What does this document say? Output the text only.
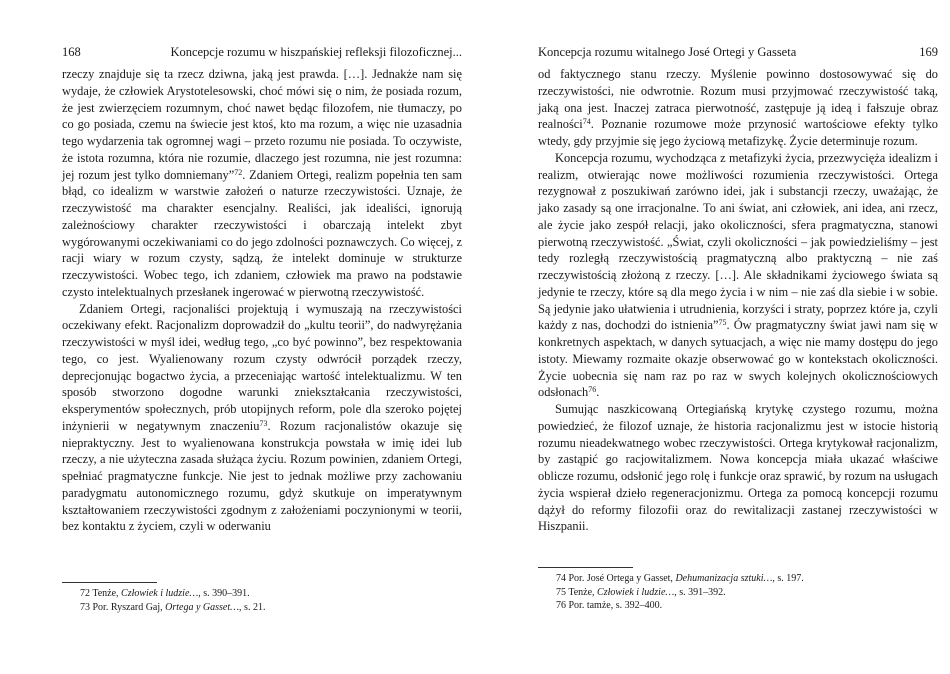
168	Koncepcje rozumu w hiszpańskiej refleksji filozoficznej...

rzeczy znajduje się ta rzecz dziwna, jaką jest prawda. […]. Jednakże nam się wydaje, że człowiek Arystotelesowski, choć mówi się o nim, że posiada rozum, że jest zwierzęciem rozumnym, choć nawet będąc filozofem, nie tłumaczy, po co go posiada, czemu na świecie jest ktoś, kto ma rozum, a więc nie uzasadnia tego wydarzenia tak ogromnej wagi – przeto rozumu nie posiada. To oczywiste, że istota rozumna, która nie rozumie, dlaczego jest rozumna, nie jest rozumna: jej rozum jest tylko domniemany”$^{72}$. Zdaniem Ortegi, realizm popełnia ten sam błąd, co idealizm w warstwie założeń o naturze rzeczywistości. Uznaje, że rzeczywistość ma charakter esencjalny. Realiści, jak idealiści, ignorują zależnościowy charakter rzeczywistości i obarczają intelekt zbyt wygórowanymi oczekiwaniami co do jego zdolności poznawczych. Co więcej, z racji wiary w rozum czysty, sądzą, że intelekt dominuje w strukturze rzeczywistości. Wobec tego, ich zdaniem, człowiek ma prawo na podstawie czysto intelektualnych przesłanek ingerować w pierwotną rzeczywistość.

Zdaniem Ortegi, racjonaliści projektują i wymuszają na rzeczywistości oczekiwany efekt. Racjonalizm doprowadził do „kultu teorii”, do nadwyrężania rzeczywistości w myśl idei, według tego, „co być powinno”, bez respektowania tego, co jest. Wyalienowany rozum czysty odwrócił porządek rzeczy, deprecjonując bogactwo życia, a przeceniając wartość intelektualizmu. W ten sposób stworzono dogodne warunki zniekształcania rzeczywistości, eksperymentów społecznych, prób utopijnych reform, pole dla szeroko pojętej inżynierii w negatywnym znaczeniu$^{73}$. Rozum racjonalistów okazuje się niepraktyczny. Jest to wyalienowana konstrukcja powstała w imię idei lub rzeczy, a nie użyteczna zasada służąca życiu. Rozum powinien, zdaniem Ortegi, spełniać pragmatyczne funkcje. Nie jest to jednak możliwe przy zachowaniu paradygmatu autonomicznego rozumu, gdyż skutkuje on imperatywnym kształtowaniem rzeczywistości zgodnym z założeniami poczynionymi w teorii, bez kontaktu z życiem, czyli w oderwaniu

72 Tenże, Człowiek i ludzie…, s. 390–391.
73 Por. Ryszard Gaj, Ortega y Gasset…, s. 21.
Koncepcja rozumu witalnego José Ortegi y Gasseta	169

od faktycznego stanu rzeczy. Myślenie powinno dostosowywać się do rzeczywistości, nie odwrotnie. Rozum musi przyjmować rzeczywistość taką, jaką ona jest. Inaczej zatraca pierwotność, zastępuje ją ideą i fałszuje obraz realności$^{74}$. Poznanie rozumowe może przynosić wartościowe efekty tylko wtedy, gdy przyjmie się jego życiową metafizykę. Życie determinuje rozum.

Koncepcja rozumu, wychodząca z metafizyki życia, przezwycięża idealizm i realizm, otwierając nowe możliwości rozumienia rzeczywistości. Ortega rezygnował z poszukiwań zarówno idei, jak i substancji rzeczy, uważając, że jako zasady są one irracjonalne. To ani świat, ani człowiek, ani idea, ani rzecz, ale życie jako zespół relacji, jako okoliczności, sfera pragmatyczna, stanowi pierwotną rzeczywistość. „Świat, czyli okoliczności – jak powiedzieliśmy – jest tedy rozległą rzeczywistością pragmatyczną albo praktyczną – nie zaś rzeczywistością złożoną z rzeczy. […]. Ale składnikami życiowego świata są jedynie te rzeczy, które są dla mego życia i w nim – nie zaś dla siebie i w sobie. Są jedynie jako ułatwienia i utrudnienia, korzyści i straty, poprzez które ja, czyli każdy z nas, dochodzi do istnienia”$^{75}$. Ów pragmatyczny świat jawi nam się w konkretnych aspektach, w danych sytuacjach, a więc nie mamy dostępu do jego istoty. Miewamy rozmaite okazje obserwować go w kontekstach okoliczności. Życie uobecnia się nam raz po raz w swych kolejnych okolicznościowych odsłonach$^{76}$.

Sumując naszkicowaną Ortegiańską krytykę czystego rozumu, można powiedzieć, że filozof uznaje, że historia racjonalizmu jest w istocie historią rozumu nieadekwatnego wobec rzeczywistości. Ortega krytykował racjonalizm, by zastąpić go racjowitalizmem. Nowa koncepcja miała ukazać właściwe oblicze rozumu, odsłonić jego rolę i funkcje oraz sprawić, by rozum na usługach życia wspierał dzieło regeneracjonizmu. Ortega za pomocą koncepcji rozumu dążył do reformy filozofii oraz do rewitalizacji zastanej rzeczywistości w Hiszpanii.

74 Por. José Ortega y Gasset, Dehumanizacja sztuki…, s. 197.
75 Tenże, Człowiek i ludzie…, s. 391–392.
76 Por. tamże, s. 392–400.
